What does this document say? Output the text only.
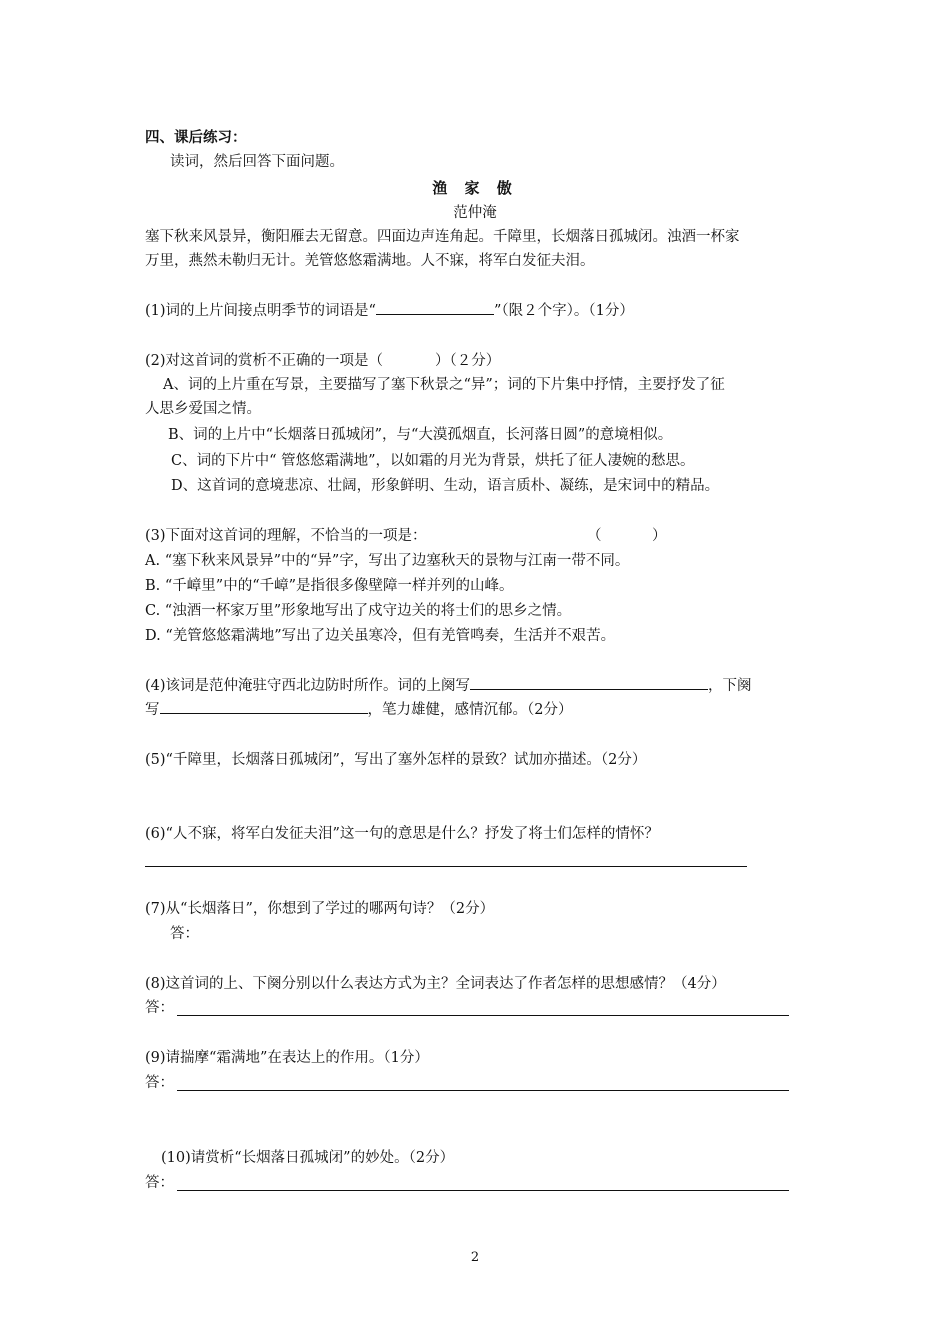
四、课后练习：
读词，然后回答下面问题。
渔 家 傲
范仲淹
塞下秋来风景异，衡阳雁去无留意。四面边声连角起。千障里，长烟落日孤城闭。浊酒一杯家
万里，燕然未勒归无计。羌管悠悠霜满地。人不寐，将军白发征夫泪。
(1)词的上片间接点明季节的词语是“	”（限２个字）。（1分）
(2)对这首词的赏析不正确的一项是（	）（２分）
A、词的上片重在写景，主要描写了塞下秋景之“异”；词的下片集中抒情，主要抒发了征
人思乡爱国之情。
B、词的上片中“长烟落日孤城闭”，与“大漠孤烟直，长河落日圆”的意境相似。
C、词的下片中“ 管悠悠霜满地”，以如霜的月光为背景，烘托了征人凄婉的愁思。
D、这首词的意境悲凉、壮阔，形象鲜明、生动，语言质朴、凝练，是宋词中的精品。
(3)下面对这首词的理解，不恰当的一项是：	（	）
A. “塞下秋来风景异”中的“异”字，写出了边塞秋天的景物与江南一带不同。
B. “千嶂里”中的“千嶂”是指很多像壁障一样并列的山峰。
C. “浊酒一杯家万里”形象地写出了戍守边关的将士们的思乡之情。
D. “羌管悠悠霜满地”写出了边关虽寒冷，但有羌管鸣奏，生活并不艰苦。
(4)该词是范仲淹驻守西北边防时所作。词的上阕写	，下阕
写	，笔力雄健，感情沉郁。（2分）
(5)“千障里，长烟落日孤城闭”，写出了塞外怎样的景致？试加亦描述。（2分）
(6)“人不寐，将军白发征夫泪”这一句的意思是什么？抒发了将士们怎样的情怀？
(7)从“长烟落日”，你想到了学过的哪两句诗？（2分）
答：
(8)这首词的上、下阕分别以什么表达方式为主？全词表达了作者怎样的思想感情？（4分）
答：
(9)请揣摩“霜满地”在表达上的作用。（1分）
答：
(10)请赏析“长烟落日孤城闭”的妙处。（2分）
答：
2
